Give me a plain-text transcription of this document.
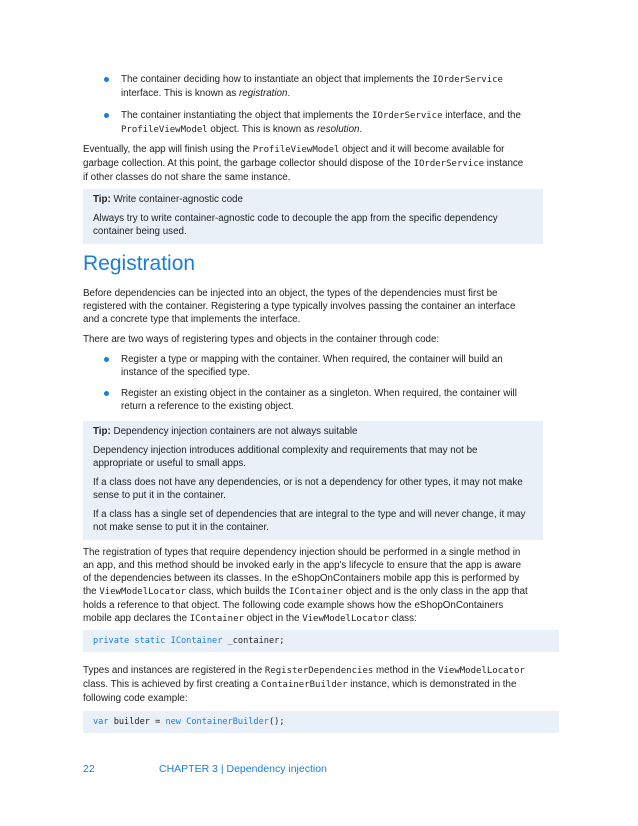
The container deciding how to instantiate an object that implements the IOrderService

interface. This is known as registration.

The container instantiating the object that implements the IOrderService interface, and the

ProfileViewModel object. This is known as resolution.

Eventually, the app will finish using the ProfileViewModel object and it will become available for

garbage collection. At this point, the garbage collector should dispose of the IOrderService instance

if other classes do not share the same instance.

Tip: Write container-agnostic code

Always try to write container-agnostic code to decouple the app from the specific dependency
container being used.

Registration

Before dependencies can be injected into an object, the types of the dependencies must first be

registered with the container. Registering a type typically involves passing the container an interface

and a concrete type that implements the interface.

There are two ways of registering types and objects in the container through code:

Register a type or mapping with the container. When required, the container will build an

instance of the specified type.

Register an existing object in the container as a singleton. When required, the container will

return a reference to the existing object.

Tip: Dependency injection containers are not always suitable

Dependency injection introduces additional complexity and requirements that may not be
appropriate or useful to small apps.

If a class does not have any dependencies, or is not a dependency for other types, it may not make
sense to put it in the container.

If a class has a single set of dependencies that are integral to the type and will never change, it may
not make sense to put it in the container.

The registration of types that require dependency injection should be performed in a single method in

an app, and this method should be invoked early in the app's lifecycle to ensure that the app is aware

of the dependencies between its classes. In the eShopOnContainers mobile app this is performed by

the ViewModelLocator class, which builds the IContainer object and is the only class in the app that

holds a reference to that object. The following code example shows how the eShopOnContainers

mobile app declares the IContainer object in the ViewModelLocator class:

private static IContainer _container;

Types and instances are registered in the RegisterDependencies method in the ViewModelLocator

class. This is achieved by first creating a ContainerBuilder instance, which is demonstrated in the

following code example:

var builder = new ContainerBuilder();
22	CHAPTER 3 | Dependency injection
